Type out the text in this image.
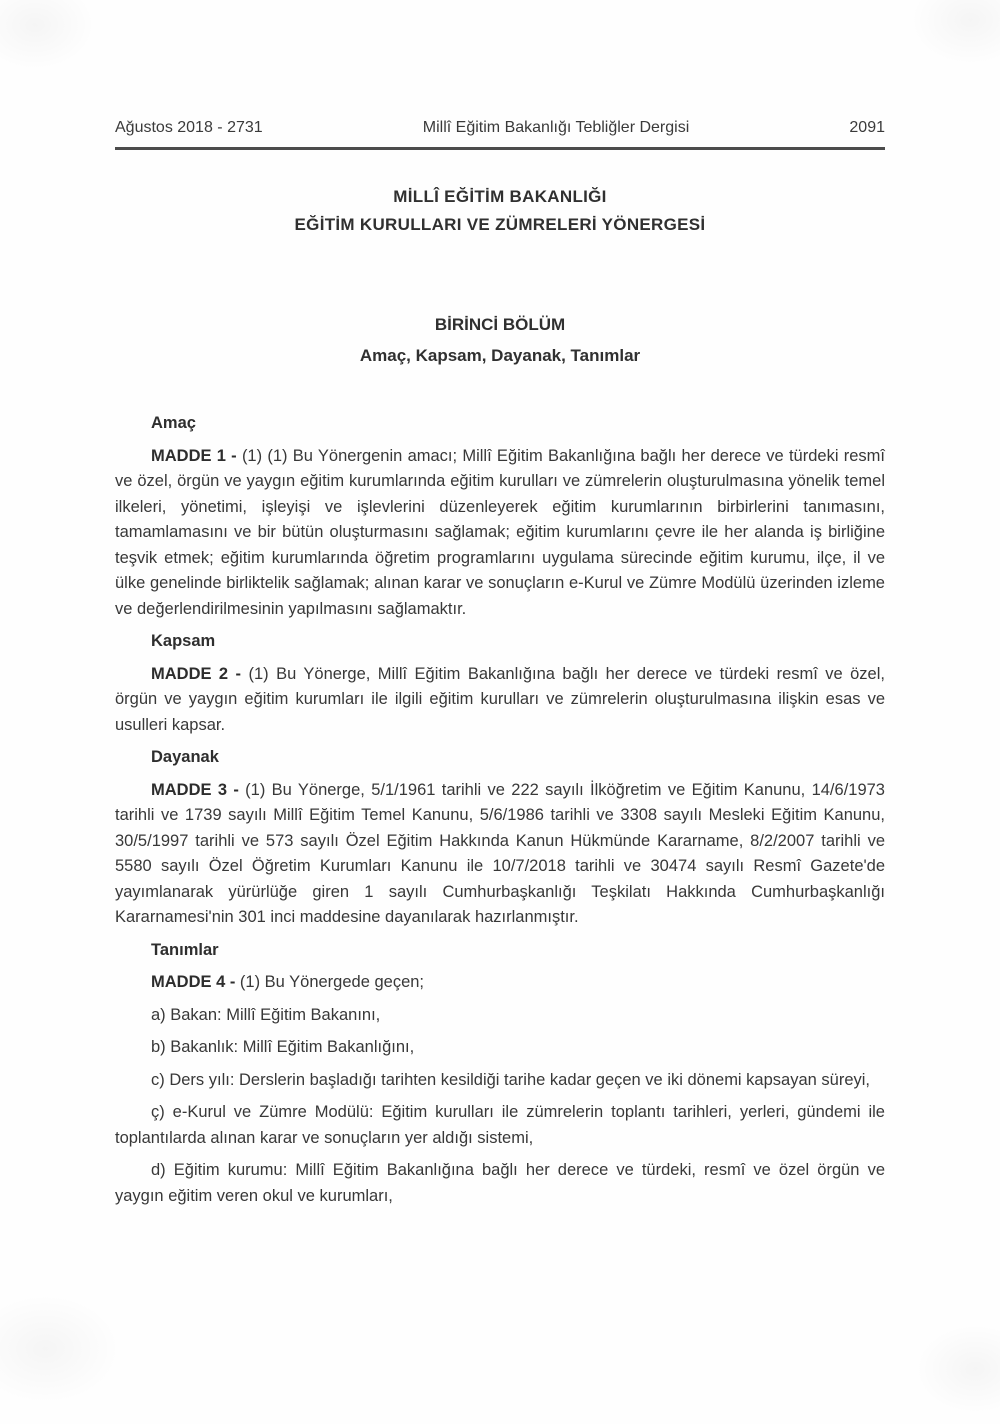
Ağustos 2018 - 2731	Millî Eğitim Bakanlığı Tebliğler Dergisi	2091
MİLLÎ EĞİTİM BAKANLIĞI
EĞİTİM KURULLARI VE ZÜMRELERİ YÖNERGESİ
BİRİNCİ BÖLÜM
Amaç, Kapsam, Dayanak, Tanımlar
Amaç

MADDE 1 - (1) (1) Bu Yönergenin amacı; Millî Eğitim Bakanlığına bağlı her derece ve türdeki resmî ve özel, örgün ve yaygın eğitim kurumlarında eğitim kurulları ve zümrelerin oluşturulmasına yönelik temel ilkeleri, yönetimi, işleyişi ve işlevlerini düzenleyerek eğitim kurumlarının birbirlerini tanımasını, tamamlamasını ve bir bütün oluşturmasını sağlamak; eğitim kurumlarını çevre ile her alanda iş birliğine teşvik etmek; eğitim kurumlarında öğretim programlarını uygulama sürecinde eğitim kurumu, ilçe, il ve ülke genelinde birliktelik sağlamak; alınan karar ve sonuçların e-Kurul ve Zümre Modülü üzerinden izleme ve değerlendirilmesinin yapılmasını sağlamaktır.

Kapsam

MADDE 2 - (1) Bu Yönerge, Millî Eğitim Bakanlığına bağlı her derece ve türdeki resmî ve özel, örgün ve yaygın eğitim kurumları ile ilgili eğitim kurulları ve zümrelerin oluşturulmasına ilişkin esas ve usulleri kapsar.

Dayanak

MADDE 3 - (1) Bu Yönerge, 5/1/1961 tarihli ve 222 sayılı İlköğretim ve Eğitim Kanunu, 14/6/1973 tarihli ve 1739 sayılı Millî Eğitim Temel Kanunu, 5/6/1986 tarihli ve 3308 sayılı Mesleki Eğitim Kanunu, 30/5/1997 tarihli ve 573 sayılı Özel Eğitim Hakkında Kanun Hükmünde Kararname, 8/2/2007 tarihli ve 5580 sayılı Özel Öğretim Kurumları Kanunu ile 10/7/2018 tarihli ve 30474 sayılı Resmî Gazete'de yayımlanarak yürürlüğe giren 1 sayılı Cumhurbaşkanlığı Teşkilatı Hakkında Cumhurbaşkanlığı Kararnamesi'nin 301 inci maddesine dayanılarak hazırlanmıştır.

Tanımlar

MADDE 4 - (1) Bu Yönergede geçen;

a) Bakan: Millî Eğitim Bakanını,

b) Bakanlık: Millî Eğitim Bakanlığını,

c) Ders yılı: Derslerin başladığı tarihten kesildiği tarihe kadar geçen ve iki dönemi kapsayan süreyi,

ç) e-Kurul ve Zümre Modülü: Eğitim kurulları ile zümrelerin toplantı tarihleri, yerleri, gündemi ile toplantılarda alınan karar ve sonuçların yer aldığı sistemi,

d) Eğitim kurumu: Millî Eğitim Bakanlığına bağlı her derece ve türdeki, resmî ve özel örgün ve yaygın eğitim veren okul ve kurumları,
